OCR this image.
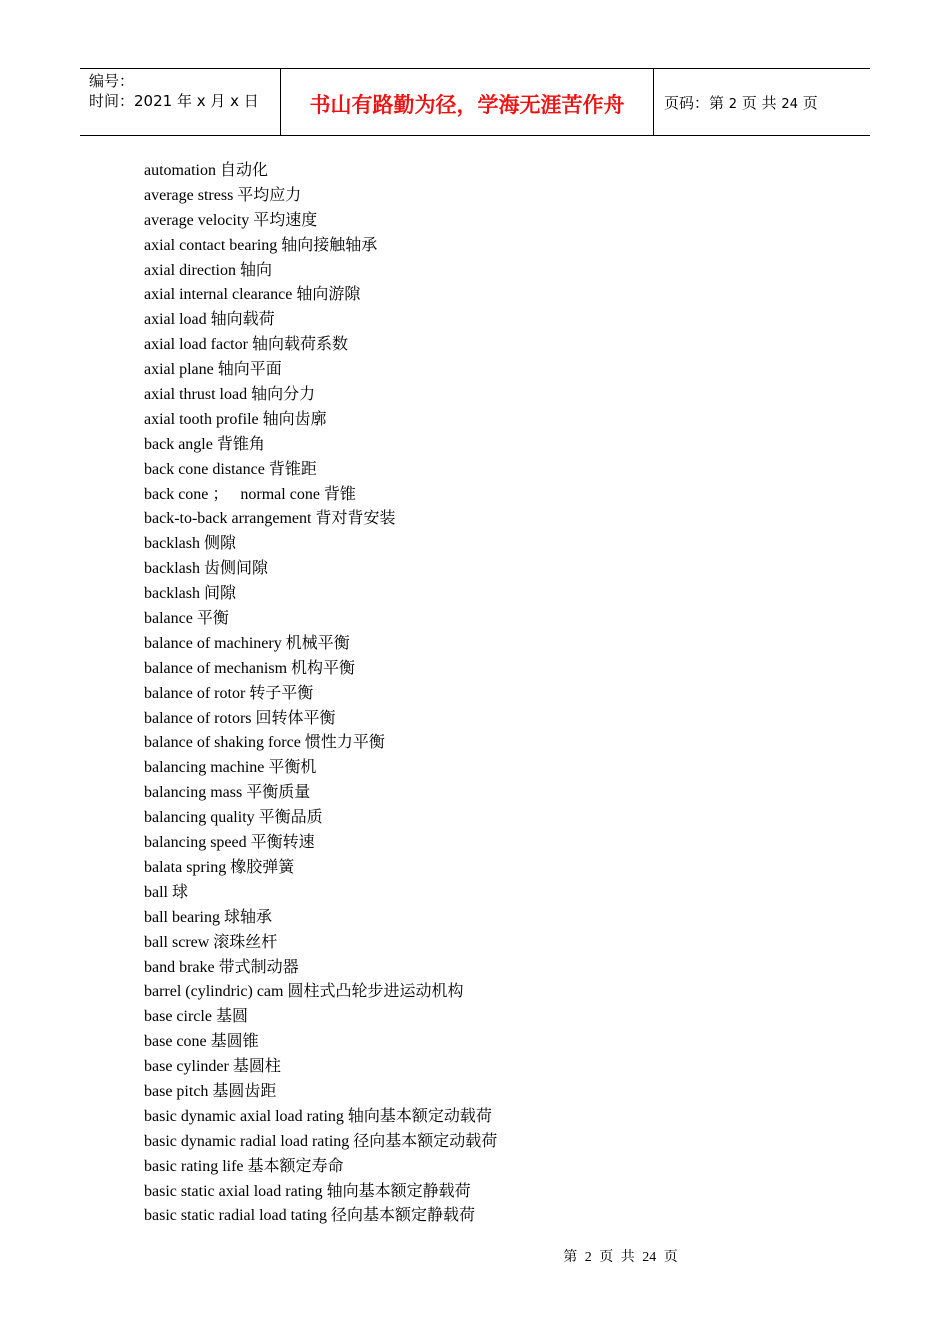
编号：
时间：2021 年 x 月 x 日	书山有路勤为径，学海无涯苦作舟	页码：第 2 页 共 24 页
automation 自动化
average stress 平均应力
average velocity 平均速度
axial contact bearing 轴向接触轴承
axial direction 轴向
axial internal clearance 轴向游隙
axial load 轴向载荷
axial load factor 轴向载荷系数
axial plane 轴向平面
axial thrust load 轴向分力
axial tooth profile 轴向齿廓
back angle 背锥角
back cone distance 背锥距
back cone ；   normal cone 背锥
back-to-back arrangement 背对背安装
backlash 侧隙
backlash 齿侧间隙
backlash 间隙
balance 平衡
balance of machinery 机械平衡
balance of mechanism 机构平衡
balance of rotor 转子平衡
balance of rotors 回转体平衡
balance of shaking force 惯性力平衡
balancing machine 平衡机
balancing mass 平衡质量
balancing quality 平衡品质
balancing speed 平衡转速
balata spring 橡胶弹簧
ball 球
ball bearing 球轴承
ball screw 滚珠丝杆
band brake 带式制动器
barrel (cylindric) cam 圆柱式凸轮步进运动机构
base circle 基圆
base cone 基圆锥
base cylinder 基圆柱
base pitch 基圆齿距
basic dynamic axial load rating 轴向基本额定动载荷
basic dynamic radial load rating 径向基本额定动载荷
basic rating life 基本额定寿命
basic static axial load rating 轴向基本额定静载荷
basic static radial load tating 径向基本额定静载荷
第 2 页 共 24 页
